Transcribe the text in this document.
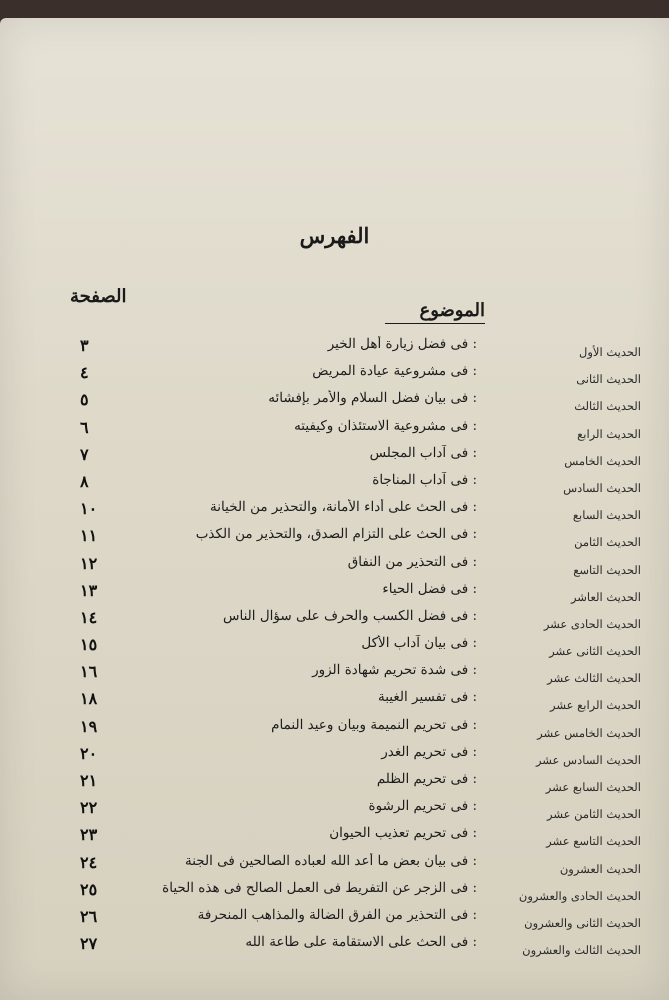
الفهرس
الصفحة
الموضوع
٣	: فى فضل زيارة أهل الخير	الحديث الأول
٤	: فى مشروعية عيادة المريض	الحديث الثانى
٥	: فى بيان فضل السلام والأمر بإفشائه	الحديث الثالث
٦	: فى مشروعية الاستئذان وكيفيته	الحديث الرابع
٧	: فى آداب المجلس	الحديث الخامس
٨	: فى آداب المناجاة	الحديث السادس
١٠	: فى الحث على أداء الأمانة، والتحذير من الخيانة	الحديث السابع
١١	: فى الحث على التزام الصدق، والتحذير من الكذب	الحديث الثامن
١٢	: فى التحذير من النفاق	الحديث التاسع
١٣	: فى فضل الحياء	الحديث العاشر
١٤	: فى فضل الكسب والحرف على سؤال الناس	الحديث الحادى عشر
١٥	: فى بيان آداب الأكل	الحديث الثانى عشر
١٦	: فى شدة تحريم شهادة الزور	الحديث الثالث عشر
١٨	: فى تفسير الغيبة	الحديث الرابع عشر
١٩	: فى تحريم النميمة وبيان وعيد النمام	الحديث الخامس عشر
٢٠	: فى تحريم الغدر	الحديث السادس عشر
٢١	: فى تحريم الظلم	الحديث السابع عشر
٢٢	: فى تحريم الرشوة	الحديث الثامن عشر
٢٣	: فى تحريم تعذيب الحيوان	الحديث التاسع عشر
٢٤	: فى بيان بعض ما أعد الله لعباده الصالحين فى الجنة	الحديث العشرون
٢٥	: فى الزجر عن التفريط فى العمل الصالح فى هذه الحياة	الحديث الحادى والعشرون
٢٦	: فى التحذير من الفرق الضالة والمذاهب المنحرفة	الحديث الثانى والعشرون
٢٧	: فى الحث على الاستقامة على طاعة الله	الحديث الثالث والعشرون
